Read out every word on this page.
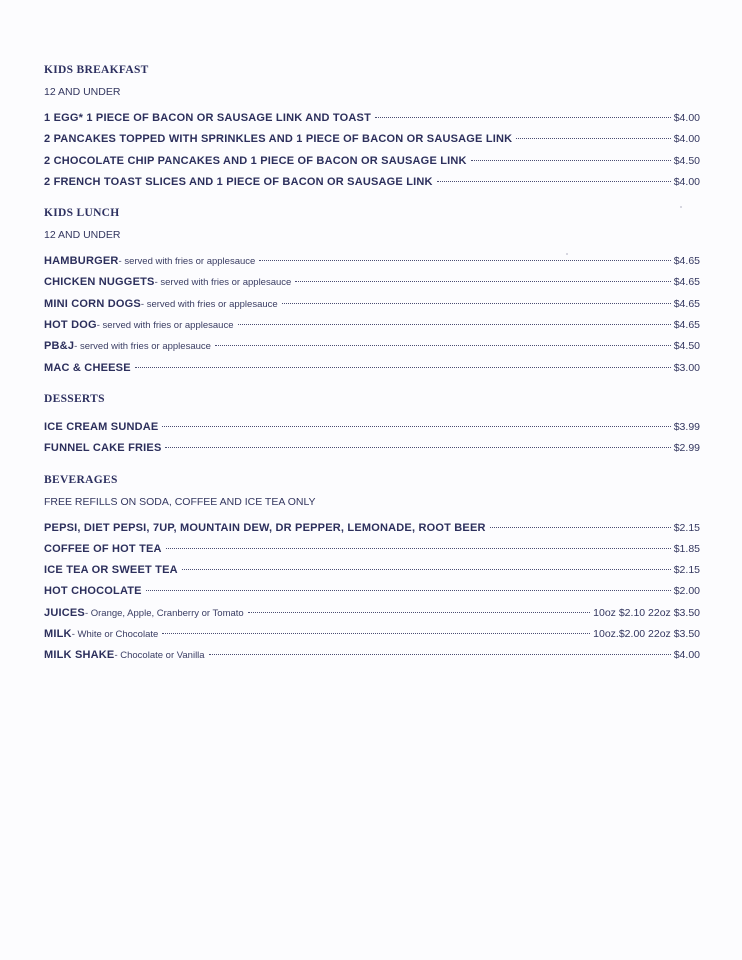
KIDS BREAKFAST
12 AND UNDER
1 EGG* 1 PIECE OF BACON OR SAUSAGE LINK AND TOAST	$4.00
2 PANCAKES TOPPED WITH SPRINKLES AND 1 PIECE OF BACON OR SAUSAGE LINK	$4.00
2 CHOCOLATE CHIP PANCAKES AND 1 PIECE OF BACON OR SAUSAGE LINK	$4.50
2 FRENCH TOAST SLICES AND 1 PIECE OF BACON OR SAUSAGE LINK	$4.00
KIDS LUNCH
12 AND UNDER
HAMBURGER - served with fries or applesauce	$4.65
CHICKEN NUGGETS - served with fries or applesauce	$4.65
MINI CORN DOGS - served with fries or applesauce	$4.65
HOT DOG - served with fries or applesauce	$4.65
PB&J - served with fries or applesauce	$4.50
MAC & CHEESE	$3.00
DESSERTS
ICE CREAM SUNDAE	$3.99
FUNNEL CAKE FRIES	$2.99
BEVERAGES
FREE REFILLS ON SODA, COFFEE AND ICE TEA ONLY
PEPSI, DIET PEPSI, 7UP, MOUNTAIN DEW, DR PEPPER, LEMONADE, ROOT BEER	$2.15
COFFEE OF HOT TEA	$1.85
ICE TEA OR SWEET TEA	$2.15
HOT CHOCOLATE	$2.00
JUICES - Orange, Apple, Cranberry or Tomato	10oz $2.10 22oz $3.50
MILK - White or Chocolate	10oz.$2.00 22oz $3.50
MILK SHAKE - Chocolate or Vanilla	$4.00
